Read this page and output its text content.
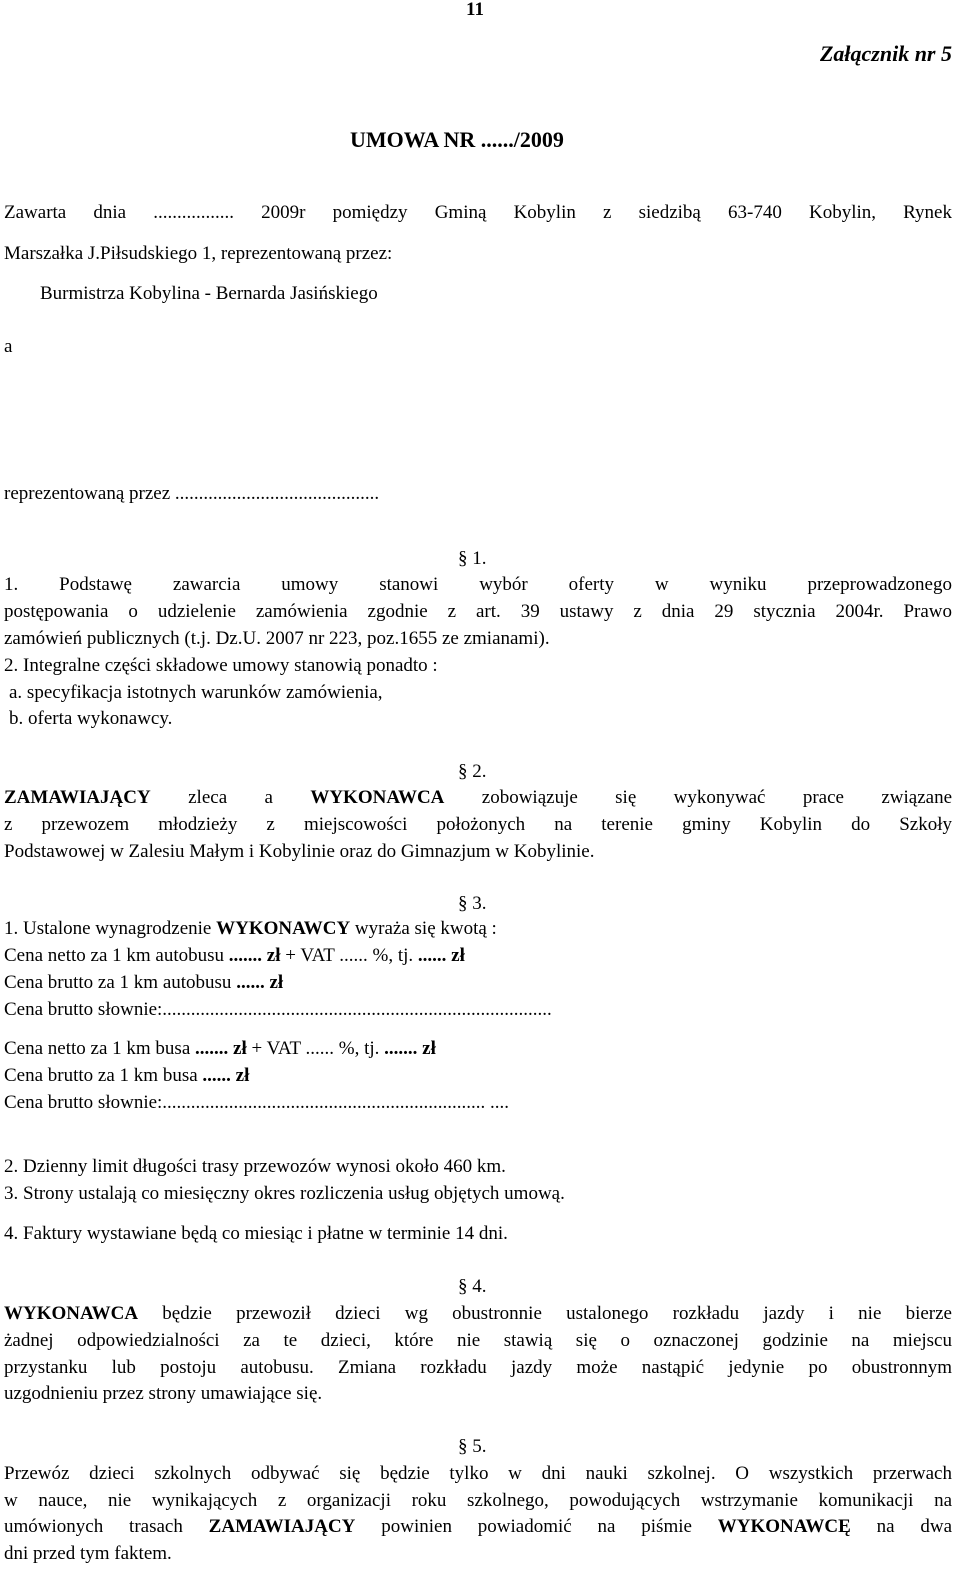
11
Załącznik nr 5
UMOWA NR ....../2009
Zawarta dnia ................. 2009r pomiędzy Gminą Kobylin z siedzibą 63-740 Kobylin, Rynek
Marszałka J.Piłsudskiego 1, reprezentowaną przez:
Burmistrza Kobylina - Bernarda Jasińskiego
a
reprezentowaną przez ...........................................
§ 1.
1. Podstawę zawarcia umowy stanowi wybór oferty w wyniku przeprowadzonego
postępowania o udzielenie zamówienia zgodnie z art. 39 ustawy z dnia 29 stycznia 2004r. Prawo
zamówień publicznych (t.j. Dz.U. 2007 nr 223, poz.1655 ze zmianami).
2. Integralne części składowe umowy stanowią ponadto :
a. specyfikacja istotnych warunków zamówienia,
b. oferta wykonawcy.
§ 2.
ZAMAWIAJĄCY zleca a WYKONAWCA zobowiązuje się wykonywać prace związane
z przewozem młodzieży z miejscowości położonych na terenie gminy Kobylin do Szkoły
Podstawowej w Zalesiu Małym i Kobylinie oraz do Gimnazjum w Kobylinie.
§ 3.
1. Ustalone wynagrodzenie WYKONAWCY wyraża się kwotą :
Cena netto za 1 km autobusu ....... zł + VAT ...... %, tj. ...... zł
Cena brutto za 1 km autobusu ...... zł
Cena brutto słownie:..................................................................................
Cena netto za 1 km busa ....... zł + VAT ...... %, tj. ....... zł
Cena brutto za 1 km busa ...... zł
Cena brutto słownie:.................................................................... ....
2. Dzienny limit długości trasy przewozów wynosi około 460 km.
3. Strony ustalają co miesięczny okres rozliczenia usług objętych umową.
4. Faktury wystawiane będą co miesiąc i płatne w terminie 14 dni.
§ 4.
WYKONAWCA będzie przewoził dzieci wg obustronnie ustalonego rozkładu jazdy i nie bierze
żadnej odpowiedzialności za te dzieci, które nie stawią się o oznaczonej godzinie na miejscu
przystanku lub postoju autobusu. Zmiana rozkładu jazdy może nastąpić jedynie po obustronnym
uzgodnieniu przez strony umawiające się.
§ 5.
Przewóz dzieci szkolnych odbywać się będzie tylko w dni nauki szkolnej. O wszystkich przerwach
w nauce, nie wynikających z organizacji roku szkolnego, powodujących wstrzymanie komunikacji na
umówionych trasach ZAMAWIAJĄCY powinien powiadomić na piśmie WYKONAWCĘ na dwa
dni przed tym faktem.
